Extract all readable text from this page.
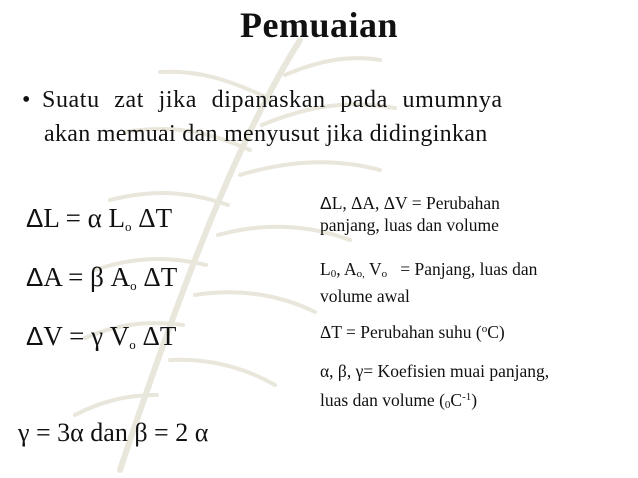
Pemuaian
• Suatu zat jika dipanaskan pada umumnya
akan memuai dan menyusut jika didinginkan
ΔL = α $L_o$ ΔT
ΔA = β $A_o$ ΔT
ΔV = γ $V_o$ ΔT
γ = 3α dan β = 2 α
ΔL, ΔA, ΔV = Perubahan
panjang, luas dan volume
$L_0$, $A_{o,}$ $V_o$   = Panjang, luas dan
volume awal
ΔT = Perubahan suhu ($^o$C)
α, β, γ= Koefisien muai panjang,
luas dan volume $(_0C^{-1})$
